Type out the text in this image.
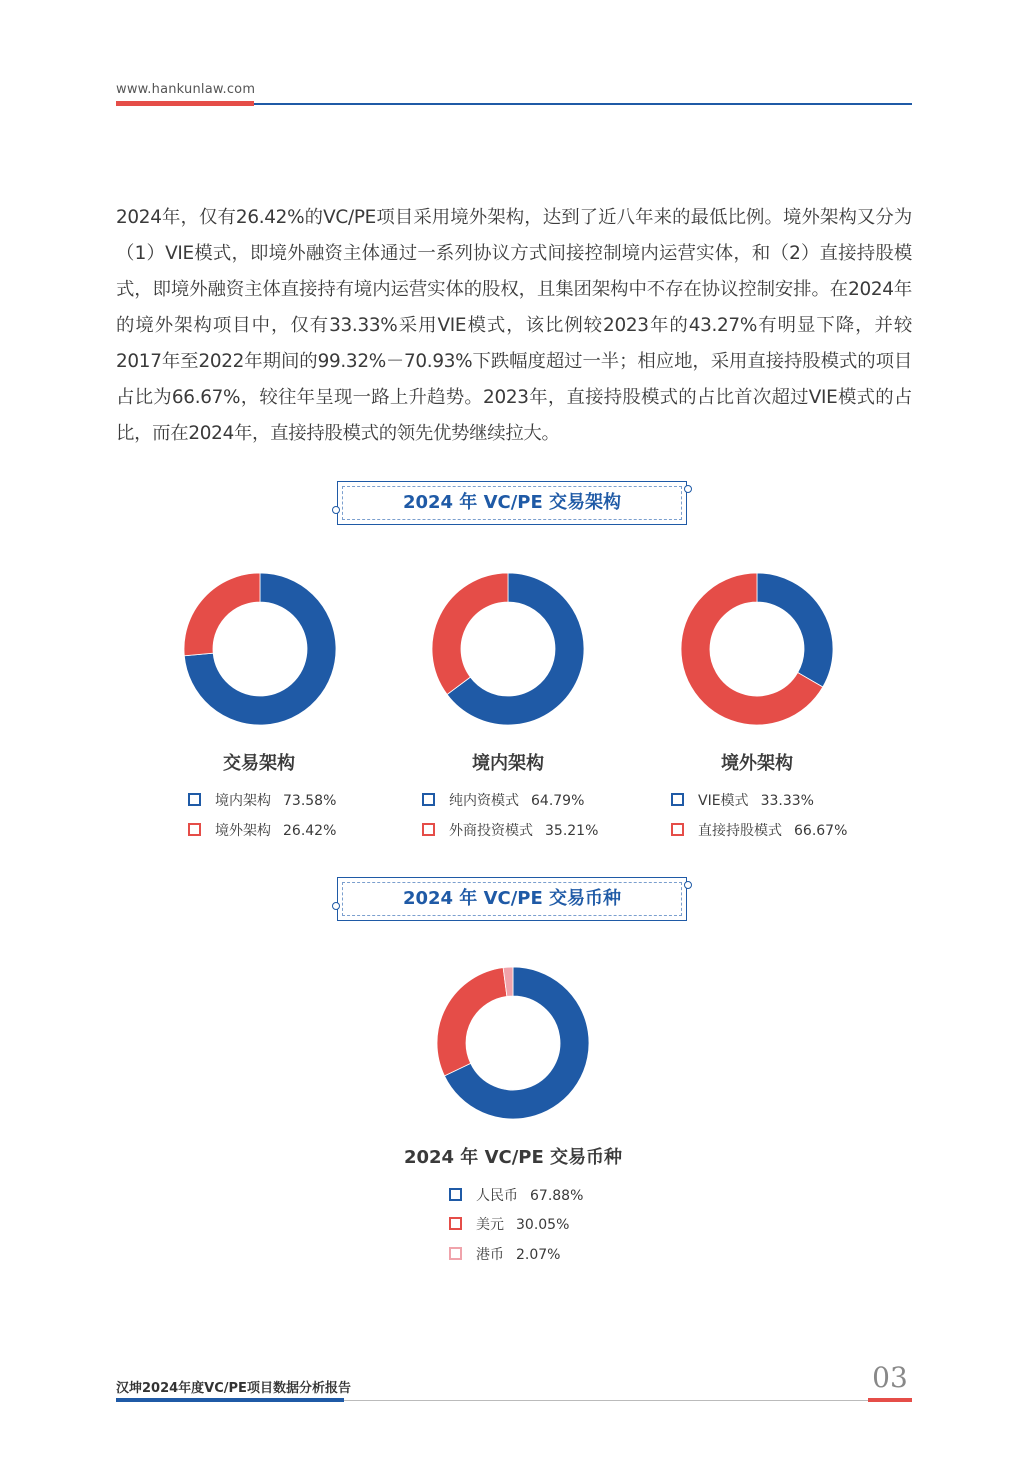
www.hankunlaw.com
2024年，仅有26.42%的VC/PE项目采用境外架构，达到了近八年来的最低比例。境外架构又分为（1）VIE模式，即境外融资主体通过一系列协议方式间接控制境内运营实体，和（2）直接持股模式，即境外融资主体直接持有境内运营实体的股权，且集团架构中不存在协议控制安排。在2024年的境外架构项目中，仅有33.33%采用VIE模式，该比例较2023年的43.27%有明显下降，并较2017年至2022年期间的99.32%－70.93%下跌幅度超过一半；相应地，采用直接持股模式的项目占比为66.67%，较往年呈现一路上升趋势。2023年，直接持股模式的占比首次超过VIE模式的占比，而在2024年，直接持股模式的领先优势继续拉大。
2024 年 VC/PE 交易架构
交易架构
境内架构 73.58%
境外架构 26.42%
境内架构
纯内资模式 64.79%
外商投资模式 35.21%
境外架构
VIE模式 33.33%
直接持股模式 66.67%
2024 年 VC/PE 交易币种
2024 年 VC/PE 交易币种
人民币 67.88%
美元 30.05%
港币 2.07%
汉坤2024年度VC/PE项目数据分析报告	03
